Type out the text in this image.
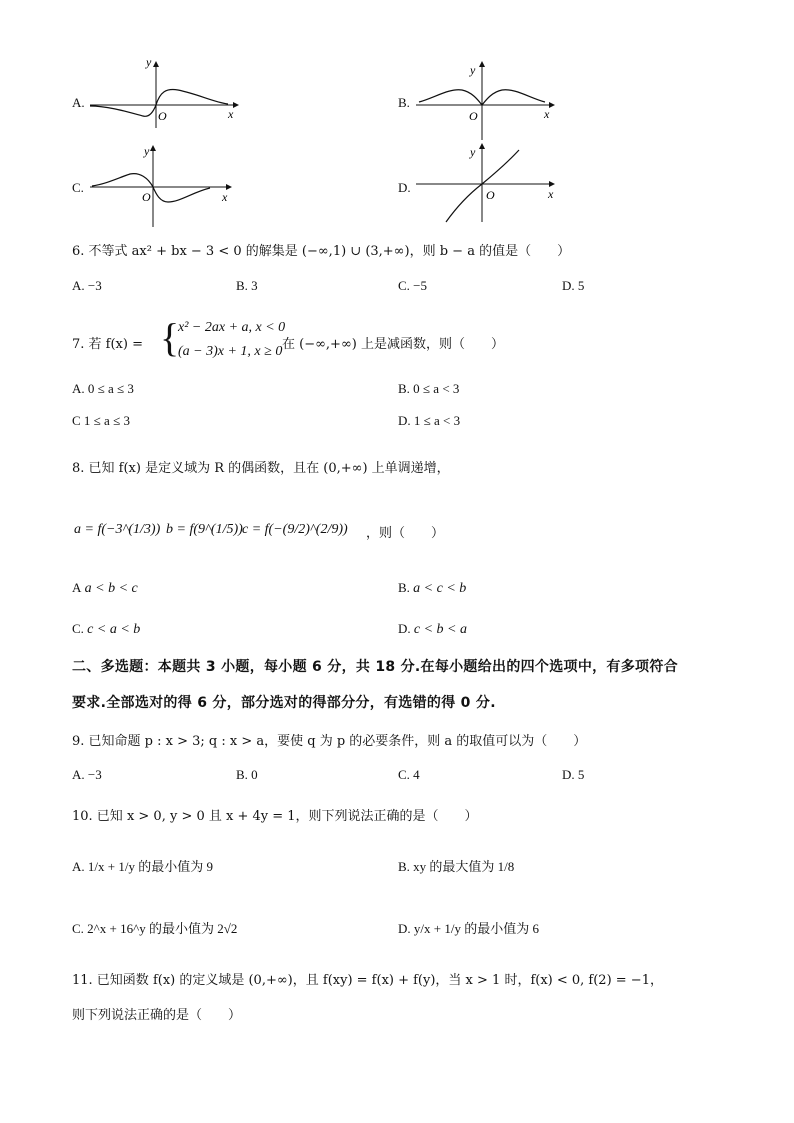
A.
y
x
O
B.
y
x
O
C.
y
x
O
D.
y
x
O
6. 不等式 ax² + bx − 3 < 0 的解集是 (−∞,1) ∪ (3,+∞)，则 b − a 的值是（　　）
A. −3	B. 3	C. −5	D. 5
7. 若 f(x) = {
x² − 2ax + a, x < 0
(a − 3)x + 1, x ≥ 0 在 (−∞,+∞) 上是减函数，则（　　）
A. 0 ≤ a ≤ 3	B. 0 ≤ a < 3
C 1 ≤ a ≤ 3	D. 1 ≤ a < 3
8. 已知 f(x) 是定义域为 R 的偶函数，且在 (0,+∞) 上单调递增，
a = f(−3^(1/3)) b = f(9^(1/5)) c = f(−(9/2)^(2/9)) ，则（　　）
A a < b < c	B. a < c < b
C. c < a < b	D. c < b < a
二、多选题：本题共 3 小题，每小题 6 分，共 18 分.在每小题给出的四个选项中，有多项符合
要求.全部选对的得 6 分，部分选对的得部分分，有选错的得 0 分.
9. 已知命题 p : x > 3; q : x > a，要使 q 为 p 的必要条件，则 a 的取值可以为（　　）
A. −3	B. 0	C. 4	D. 5
10. 已知 x > 0, y > 0 且 x + 4y = 1，则下列说法正确的是（　　）
A. 1/x + 1/y 的最小值为 9	B. xy 的最大值为 1/8
C. 2^x + 16^y 的最小值为 2√2	D. y/x + 1/y 的最小值为 6
11. 已知函数 f(x) 的定义域是 (0,+∞)，且 f(xy) = f(x) + f(y)，当 x > 1 时，f(x) < 0, f(2) = −1，
则下列说法正确的是（　　）
